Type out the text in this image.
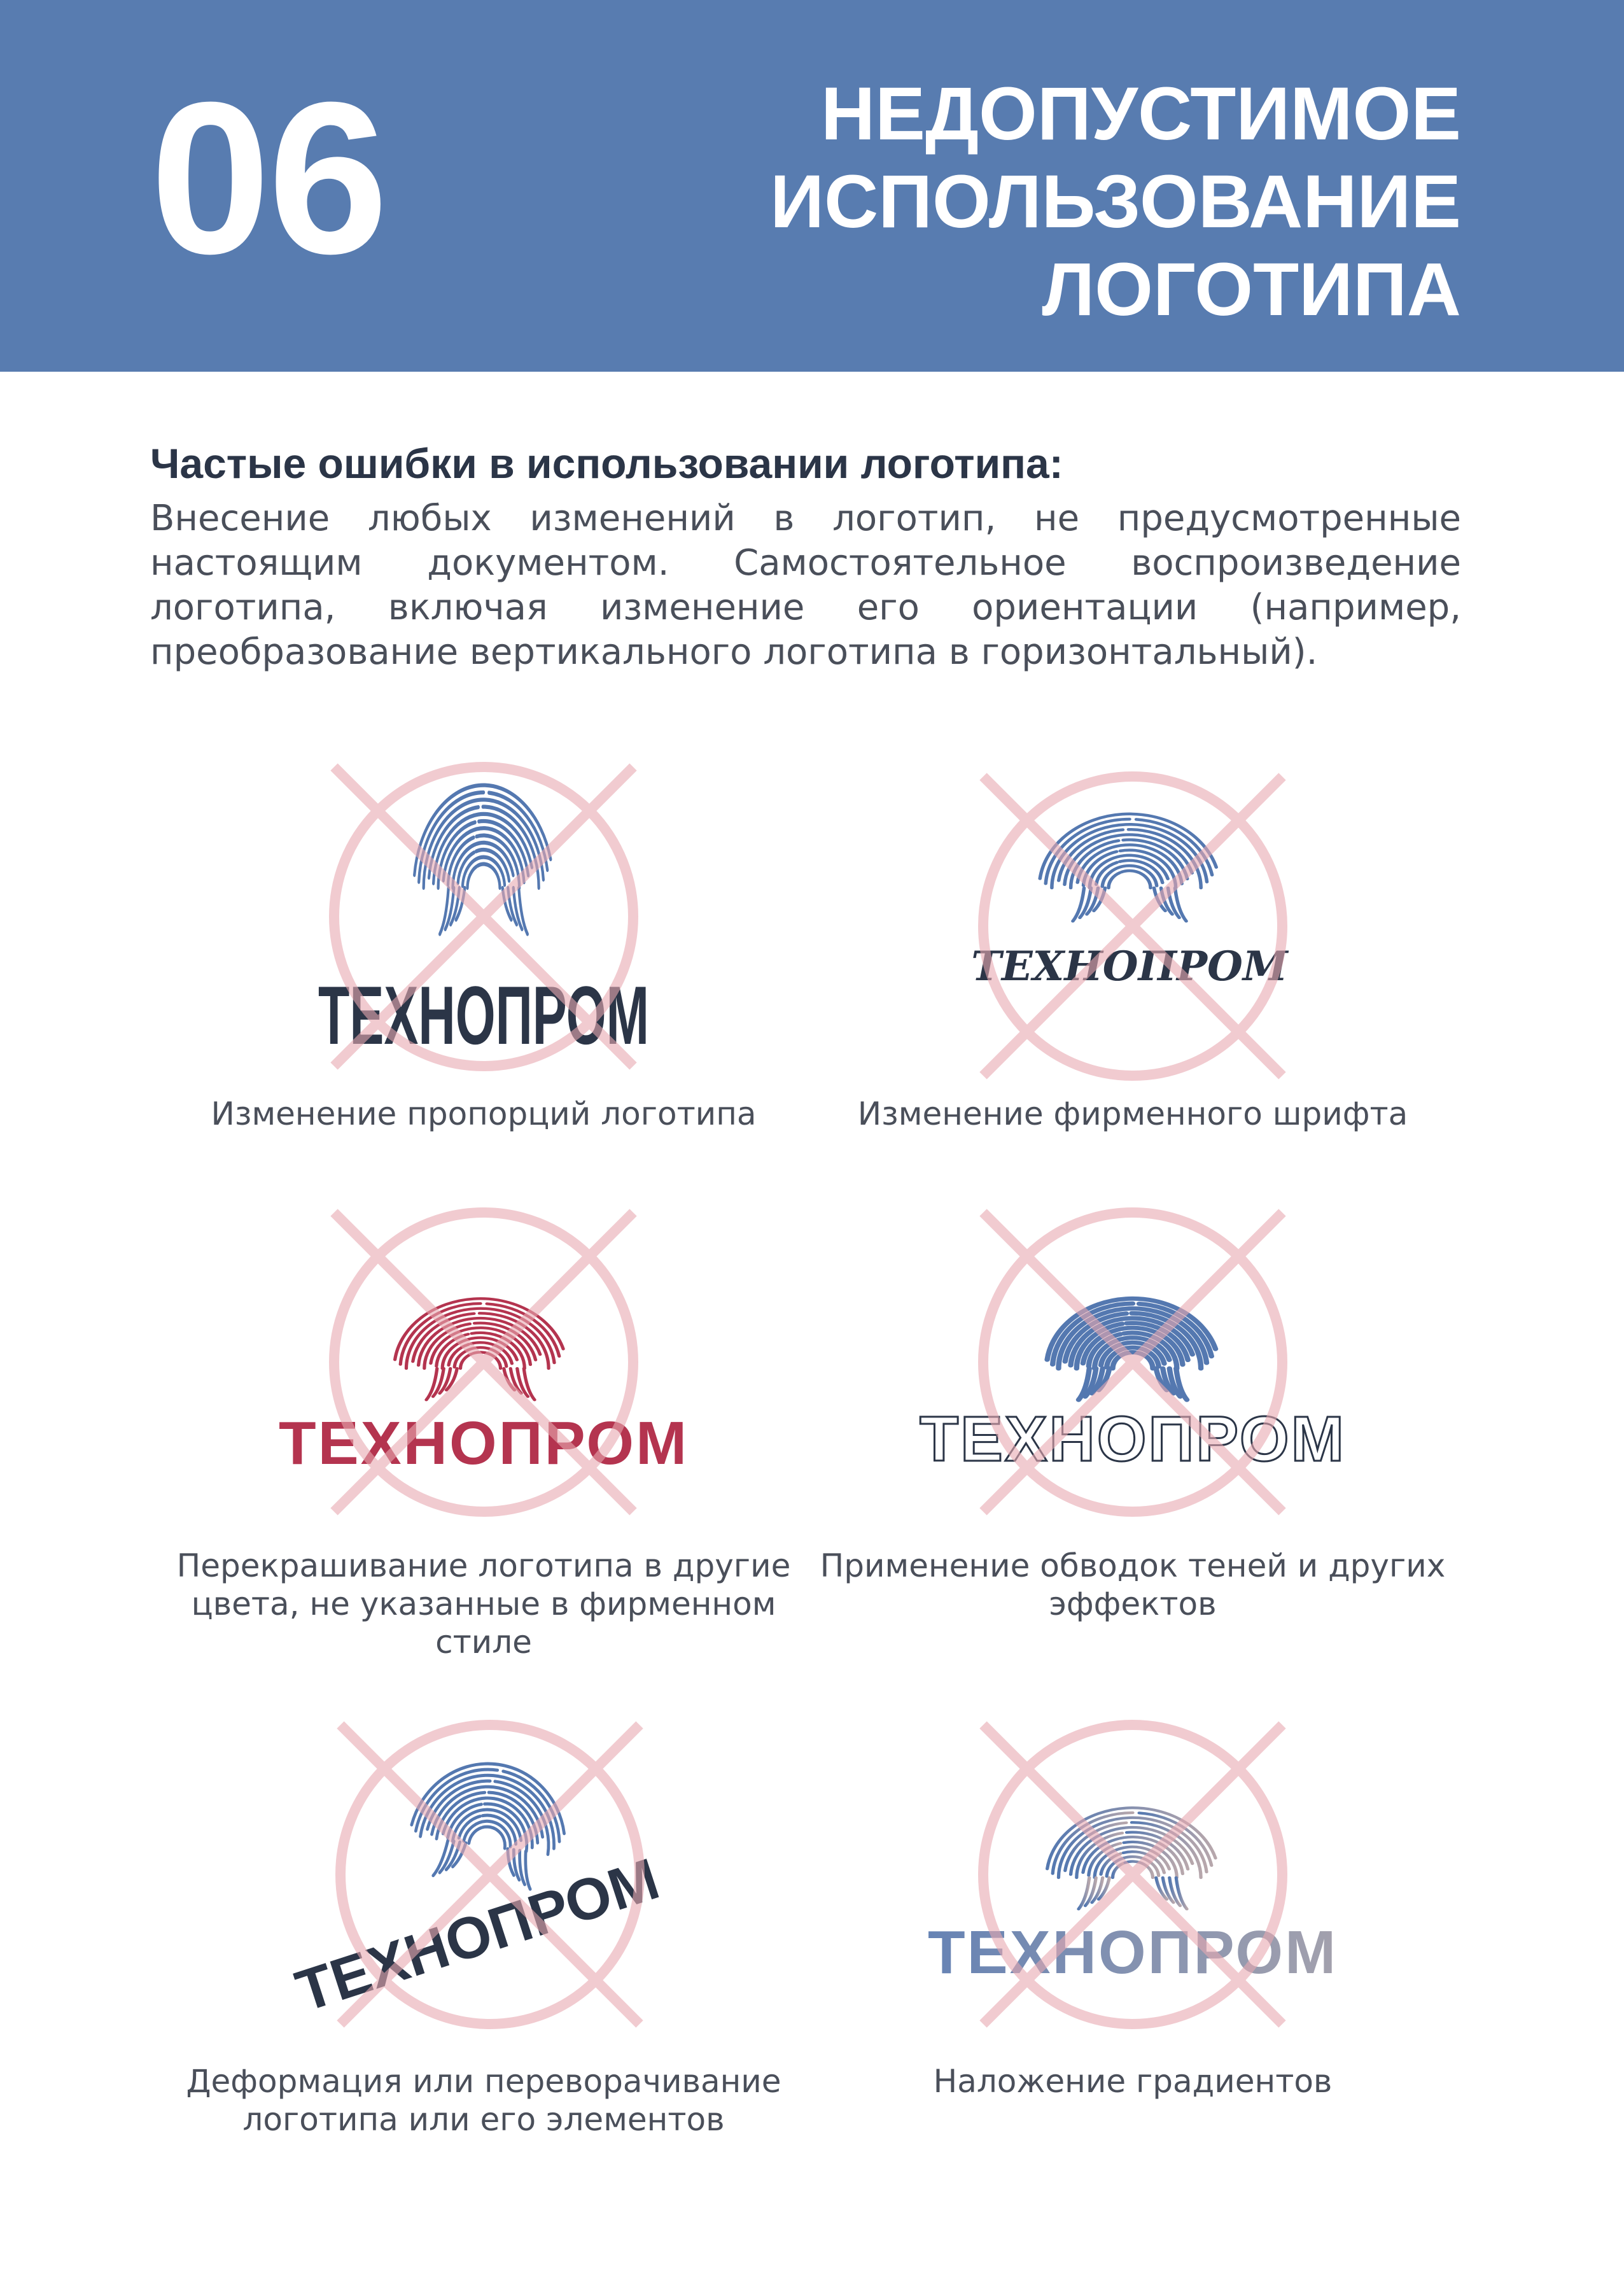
06	НЕДОПУСТИМОЕ
ИСПОЛЬЗОВАНИЕ
ЛОГОТИПА
Частые ошибки в использовании логотипа:

Внесение любых изменений в логотип, не предусмотренные настоящим документом. Самостоятельное воспроизведение логотипа, включая изменение его ориентации (например, преобразование вертикального логотипа в горизонтальный).

ТЕХНОПРОМ

Изменение пропорций логотипа

ТЕХНОПРОМ

Изменение фирменного шрифта

ТЕХНОПРОМ

Перекрашивание логотипа в другие цвета, не указанные в фирменном стиле

ТЕХНОПРОМ

Применение обводок теней и других эффектов

ТЕХНОПРОМ

Деформация или переворачивание логотипа или его элементов

ТЕХНОПРОМ

Наложение градиентов
